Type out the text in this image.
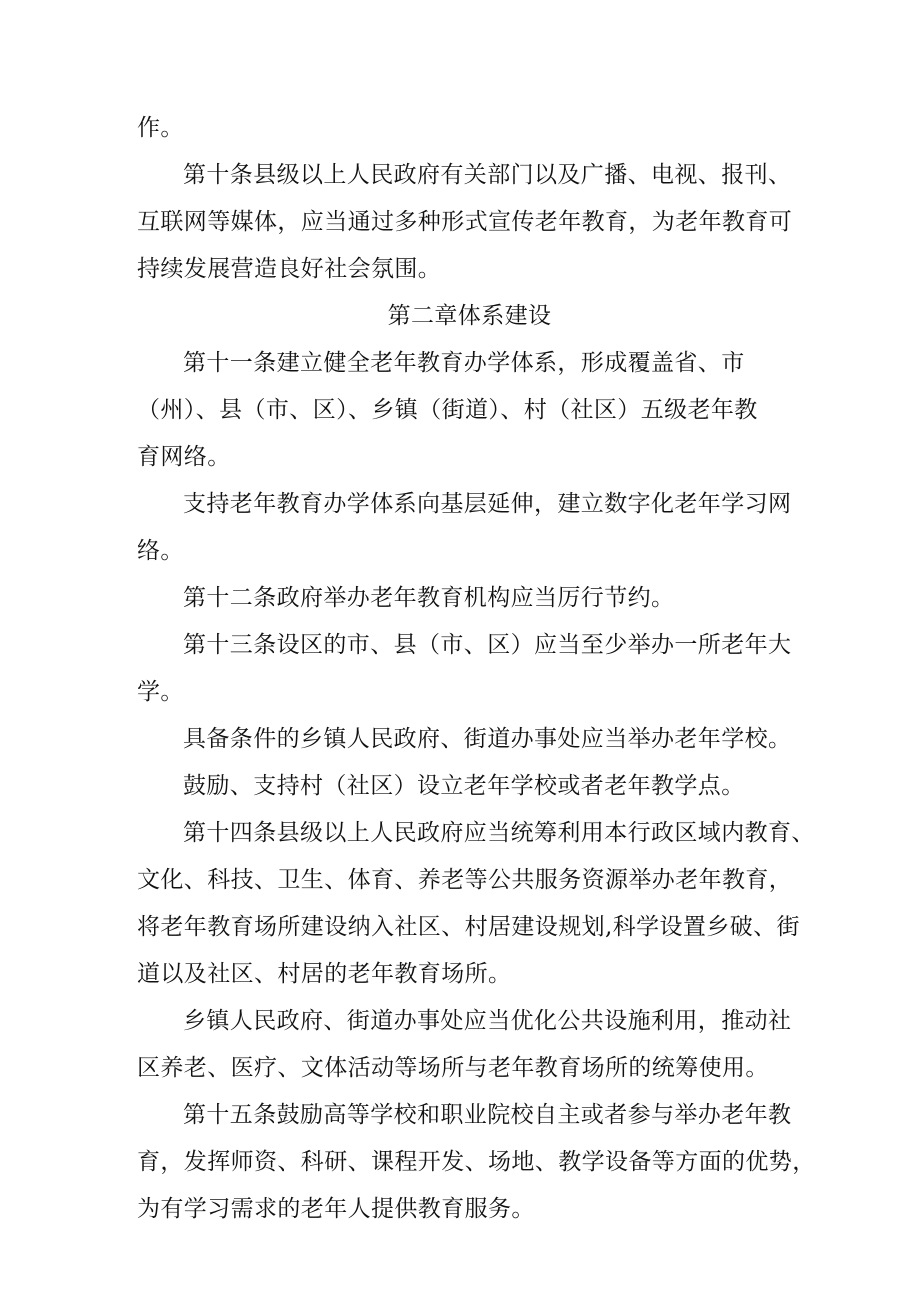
作。
第十条县级以上人民政府有关部门以及广播、电视、报刊、
互联网等媒体，应当通过多种形式宣传老年教育，为老年教育可
持续发展营造良好社会氛围。
第二章体系建设
第十一条建立健全老年教育办学体系，形成覆盖省、市
（州）、县（市、区）、乡镇（街道）、村（社区）五级老年教
育网络。
支持老年教育办学体系向基层延伸，建立数字化老年学习网
络。
第十二条政府举办老年教育机构应当厉行节约。
第十三条设区的市、县（市、区）应当至少举办一所老年大
学。
具备条件的乡镇人民政府、街道办事处应当举办老年学校。
鼓励、支持村（社区）设立老年学校或者老年教学点。
第十四条县级以上人民政府应当统筹利用本行政区域内教育、
文化、科技、卫生、体育、养老等公共服务资源举办老年教育，
将老年教育场所建设纳入社区、村居建设规划,科学设置乡破、街
道以及社区、村居的老年教育场所。
乡镇人民政府、街道办事处应当优化公共设施利用，推动社
区养老、医疗、文体活动等场所与老年教育场所的统筹使用。
第十五条鼓励高等学校和职业院校自主或者参与举办老年教
育，发挥师资、科研、课程开发、场地、教学设备等方面的优势，
为有学习需求的老年人提供教育服务。
